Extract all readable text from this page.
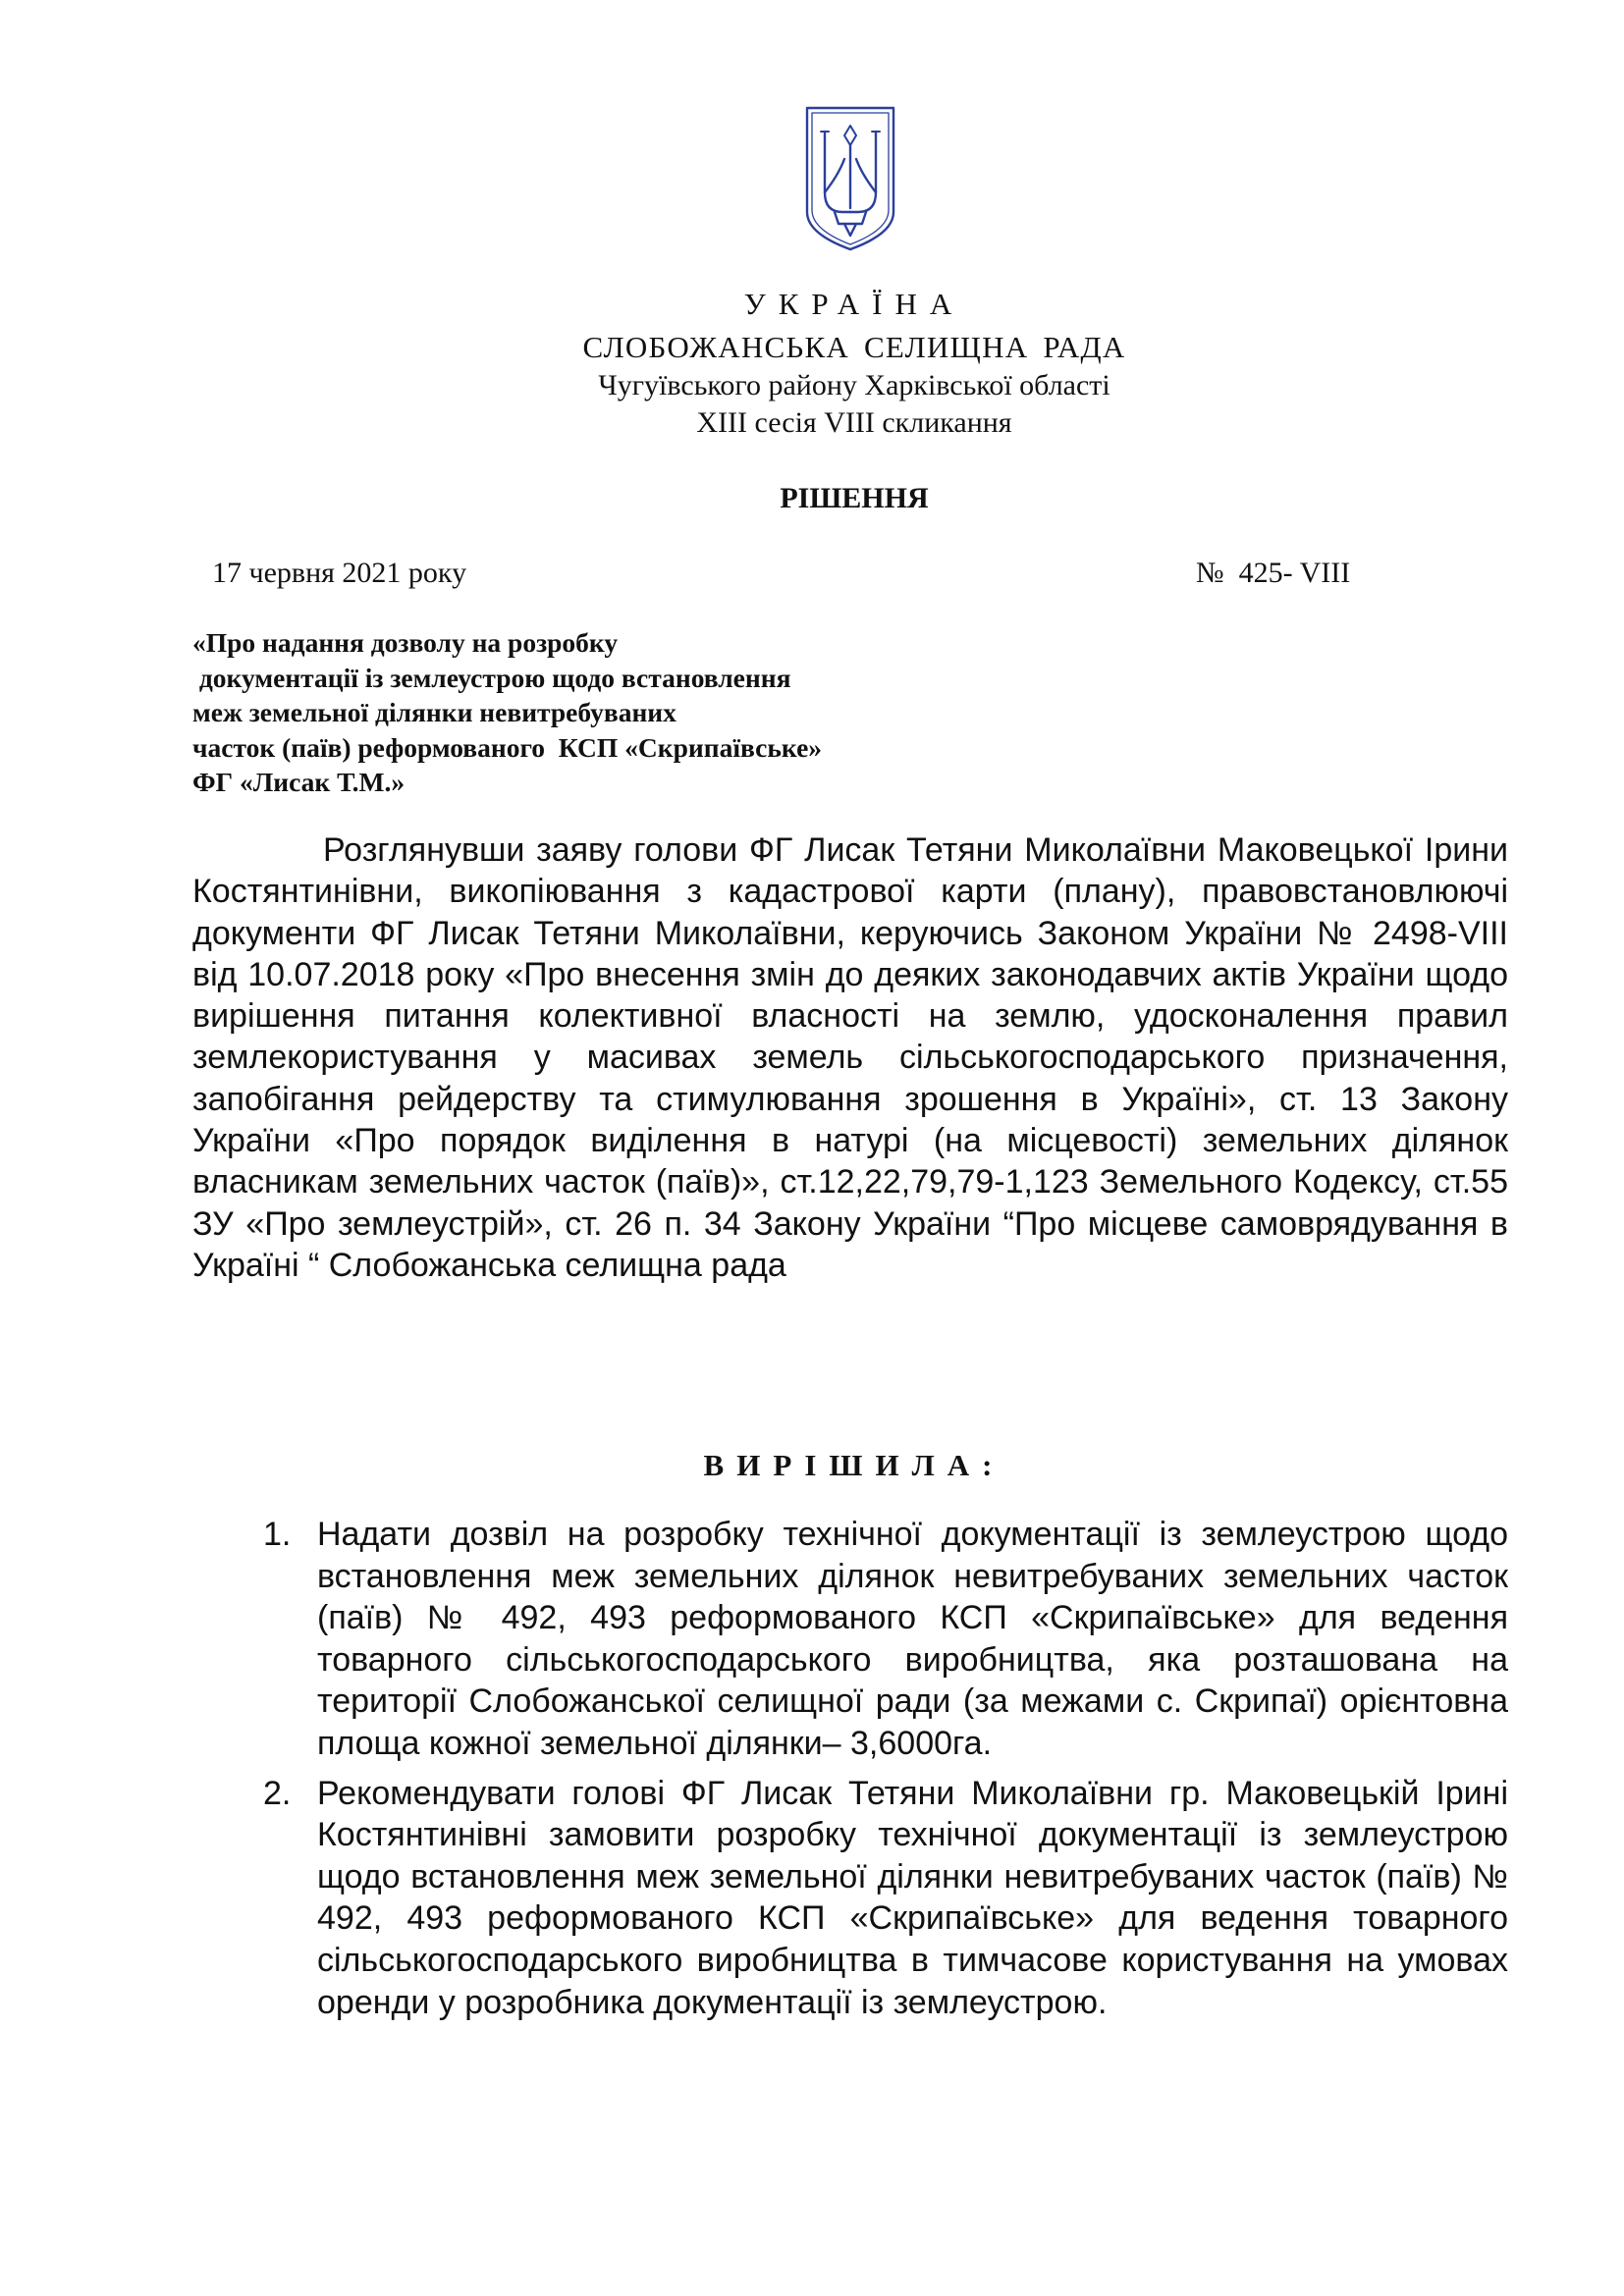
УКРАЇНА
СЛОБОЖАНСЬКА СЕЛИЩНА РАДА
Чугуївського району Харківської області
XIII сесія VIII скликання
РІШЕННЯ
17 червня 2021 року	№  425- VIII
«Про надання дозволу на розробку
документації із землеустрою щодо встановлення
меж земельної ділянки невитребуваних
часток (паїв) реформованого  КСП «Скрипаївське»
ФГ «Лисак Т.М.»
Розглянувши заяву голови ФГ Лисак Тетяни Миколаївни Маковецької Ірини Костянтинівни, викопіювання з кадастрової карти (плану), правовстановлюючі документи ФГ Лисак Тетяни Миколаївни, керуючись Законом України № 2498-VIII від 10.07.2018 року «Про внесення змін до деяких законодавчих актів України щодо вирішення питання колективної власності на землю, удосконалення правил землекористування у масивах земель сільськогосподарського призначення, запобігання рейдерству та стимулювання зрошення в Україні», ст. 13 Закону України «Про порядок виділення в натурі (на місцевості) земельних ділянок власникам земельних часток (паїв)», ст.12,22,79,79-1,123 Земельного Кодексу, ст.55 ЗУ «Про землеустрій», ст. 26 п. 34 Закону України “Про місцеве самоврядування в Україні “ Слобожанська селищна рада
ВИРІШИЛА:
1. Надати дозвіл на розробку технічної документації із землеустрою щодо встановлення меж земельних ділянок невитребуваних земельних часток (паїв) № 492, 493 реформованого КСП «Скрипаївське» для ведення товарного сільськогосподарського виробництва, яка розташована на території Слобожанської селищної ради (за межами с. Скрипаї) орієнтовна площа кожної земельної ділянки– 3,6000га.
2. Рекомендувати голові ФГ Лисак Тетяни Миколаївни гр. Маковецькій Ірині Костянтинівні замовити розробку технічної документації із землеустрою щодо встановлення меж земельної ділянки невитребуваних часток (паїв) № 492, 493 реформованого КСП «Скрипаївське» для ведення товарного сільськогосподарського виробництва в тимчасове користування на умовах оренди у розробника документації із землеустрою.
